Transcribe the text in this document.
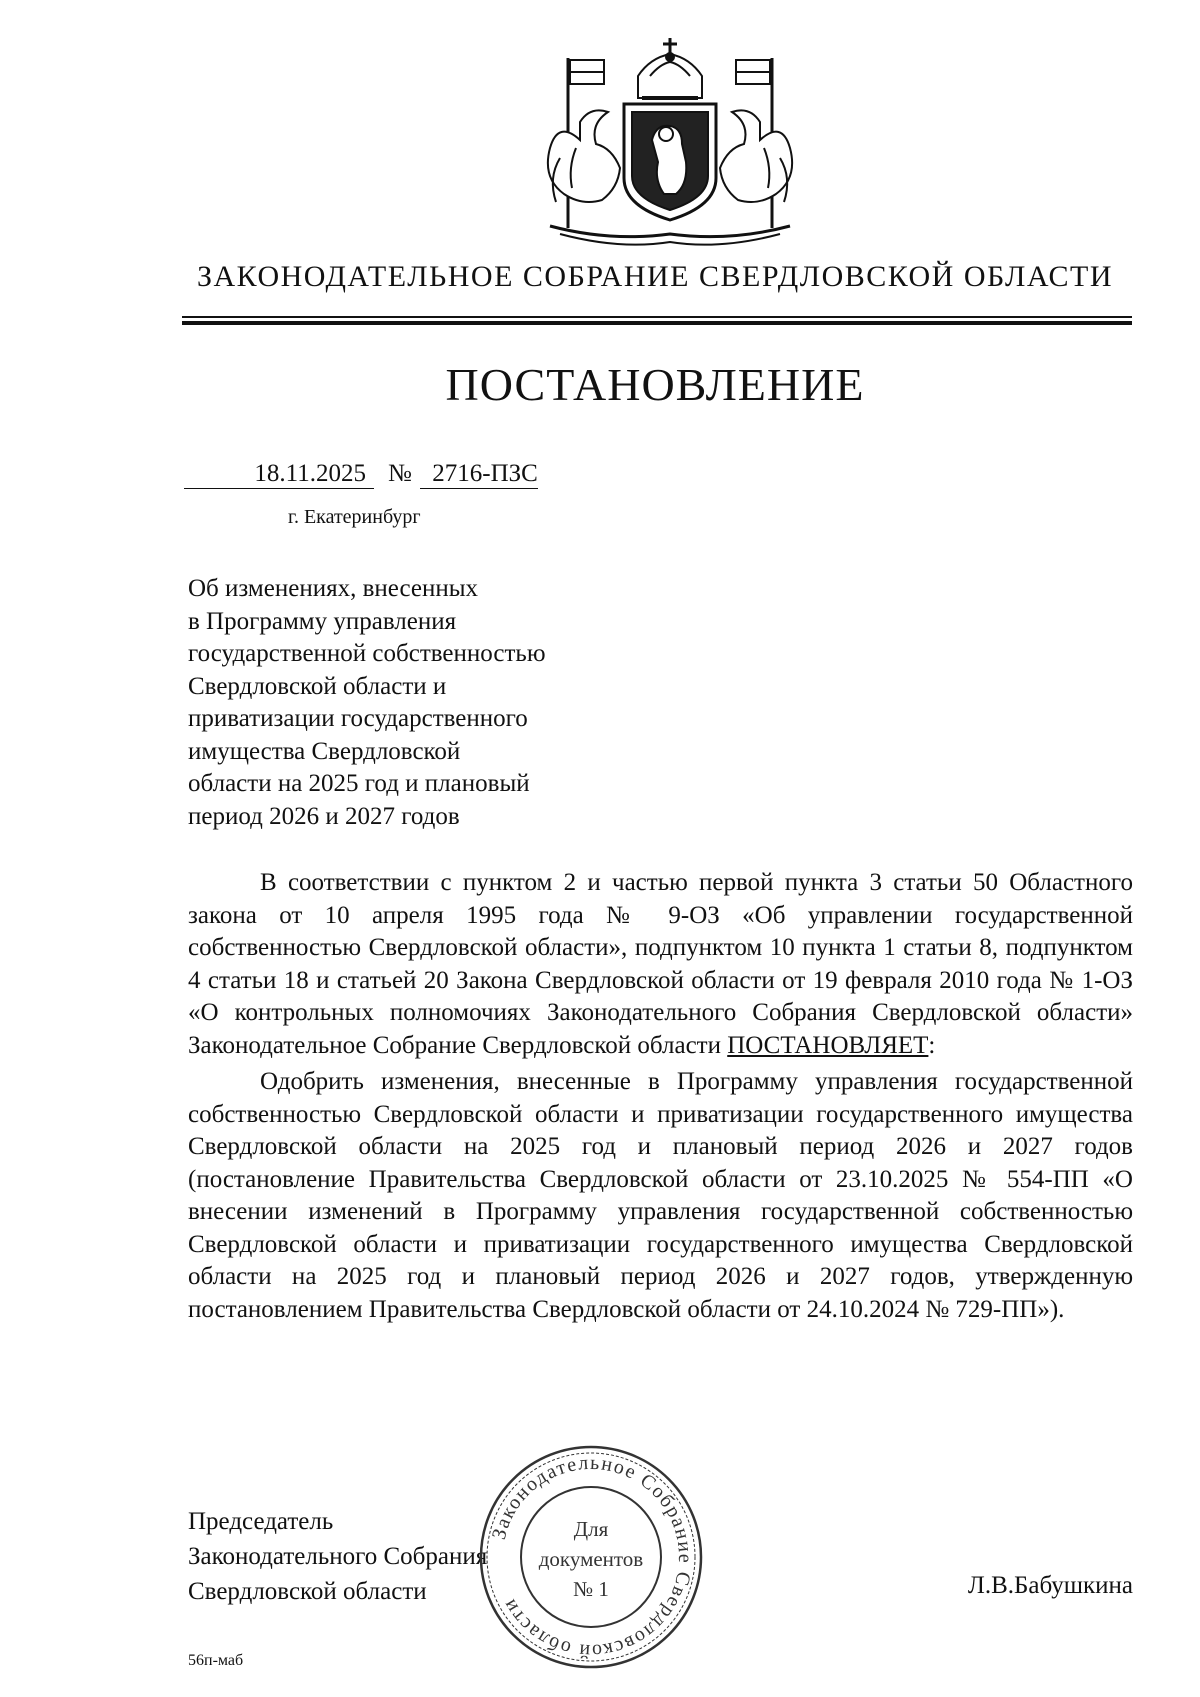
ЗАКОНОДАТЕЛЬНОЕ СОБРАНИЕ СВЕРДЛОВСКОЙ ОБЛАСТИ
ПОСТАНОВЛЕНИЕ
18.11.2025 № 2716-ПЗС
г. Екатеринбург
Об изменениях, внесенных
в Программу управления
государственной собственностью
Свердловской области и
приватизации государственного
имущества Свердловской
области на 2025 год и плановый
период 2026 и 2027 годов

В соответствии с пунктом 2 и частью первой пункта 3 статьи 50 Областного закона от 10 апреля 1995 года № 9-ОЗ «Об управлении государственной собственностью Свердловской области», подпунктом 10 пункта 1 статьи 8, подпунктом 4 статьи 18 и статьей 20 Закона Свердловской области от 19 февраля 2010 года № 1-ОЗ «О контрольных полномочиях Законодательного Собрания Свердловской области» Законодательное Собрание Свердловской области ПОСТАНОВЛЯЕТ:

Одобрить изменения, внесенные в Программу управления государственной собственностью Свердловской области и приватизации государственного имущества Свердловской области на 2025 год и плановый период 2026 и 2027 годов (постановление Правительства Свердловской области от 23.10.2025 № 554-ПП «О внесении изменений в Программу управления государственной собственностью Свердловской области и приватизации государственного имущества Свердловской области на 2025 год и плановый период 2026 и 2027 годов, утвержденную постановлением Правительства Свердловской области от 24.10.2024 № 729-ПП»).

Председатель
Законодательного Собрания
Свердловской области	Л.В.Бабушкина
56п-маб
Законодательное Собрание Свердловской области
Для
документов
№ 1
